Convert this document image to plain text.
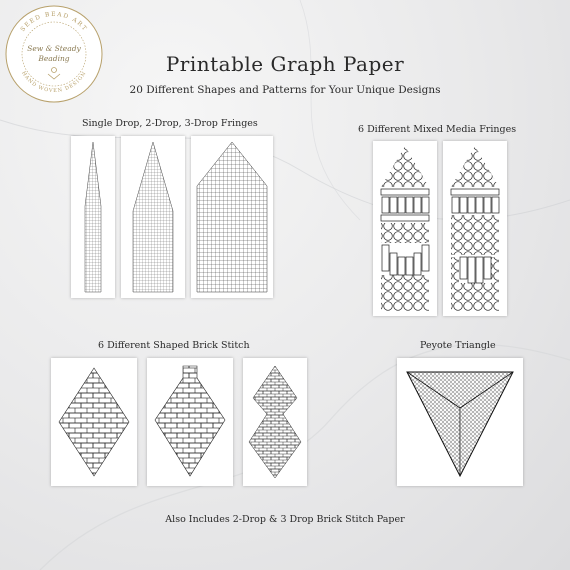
SEED BEAD ART
HAND WOVEN DESIGN
Sew & Steady
Beading	Printable Graph Paper
20 Different Shapes and Patterns for Your Unique Designs
Single Drop, 2-Drop, 3-Drop Fringes
6 Different Mixed Media Fringes
6 Different Shaped Brick Stitch	Peyote Triangle
Also Includes 2-Drop & 3 Drop Brick Stitch Paper
